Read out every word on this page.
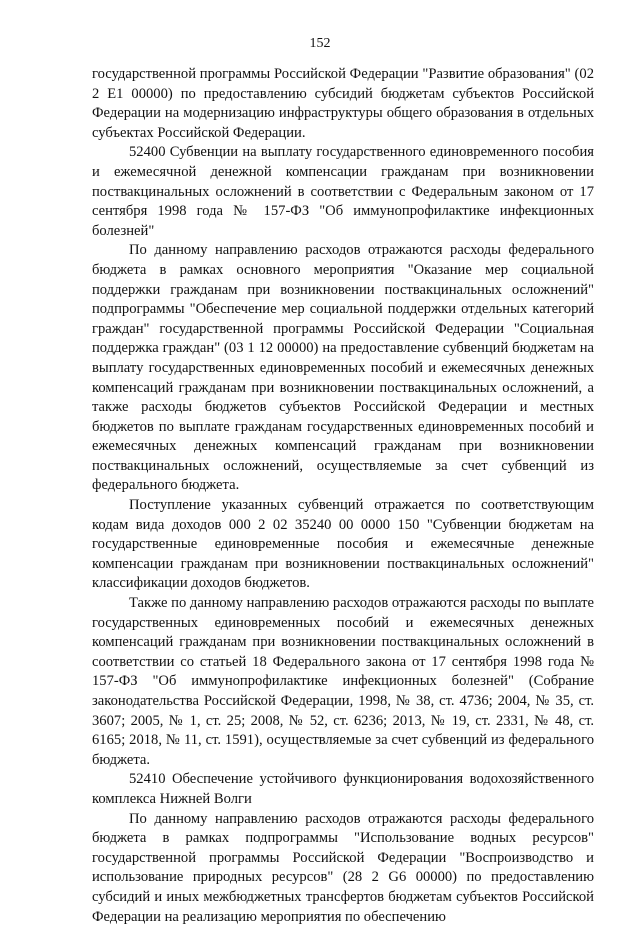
152

государственной программы Российской Федерации "Развитие образования" (02 2 E1 00000) по предоставлению субсидий бюджетам субъектов Российской Федерации на модернизацию инфраструктуры общего образования в отдельных субъектах Российской Федерации.

52400 Субвенции на выплату государственного единовременного пособия и ежемесячной денежной компенсации гражданам при возникновении поствакцинальных осложнений в соответствии с Федеральным законом от 17 сентября 1998 года № 157-ФЗ "Об иммунопрофилактике инфекционных болезней"

По данному направлению расходов отражаются расходы федерального бюджета в рамках основного мероприятия "Оказание мер социальной поддержки гражданам при возникновении поствакцинальных осложнений" подпрограммы "Обеспечение мер социальной поддержки отдельных категорий граждан" государственной программы Российской Федерации "Социальная поддержка граждан" (03 1 12 00000) на предоставление субвенций бюджетам на выплату государственных единовременных пособий и ежемесячных денежных компенсаций гражданам при возникновении поствакцинальных осложнений, а также расходы бюджетов субъектов Российской Федерации и местных бюджетов по выплате гражданам государственных единовременных пособий и ежемесячных денежных компенсаций гражданам при возникновении поствакцинальных осложнений, осуществляемые за счет субвенций из федерального бюджета.

Поступление указанных субвенций отражается по соответствующим кодам вида доходов 000 2 02 35240 00 0000 150 "Субвенции бюджетам на государственные единовременные пособия и ежемесячные денежные компенсации гражданам при возникновении поствакцинальных осложнений" классификации доходов бюджетов.

Также по данному направлению расходов отражаются расходы по выплате государственных единовременных пособий и ежемесячных денежных компенсаций гражданам при возникновении поствакцинальных осложнений в соответствии со статьей 18 Федерального закона от 17 сентября 1998 года № 157-ФЗ "Об иммунопрофилактике инфекционных болезней" (Собрание законодательства Российской Федерации, 1998, № 38, ст. 4736; 2004, № 35, ст. 3607; 2005, № 1, ст. 25; 2008, № 52, ст. 6236; 2013, № 19, ст. 2331, № 48, ст. 6165; 2018, № 11, ст. 1591), осуществляемые за счет субвенций из федерального бюджета.

52410 Обеспечение устойчивого функционирования водохозяйственного комплекса Нижней Волги

По данному направлению расходов отражаются расходы федерального бюджета в рамках подпрограммы "Использование водных ресурсов" государственной программы Российской Федерации "Воспроизводство и использование природных ресурсов" (28 2 G6 00000) по предоставлению субсидий и иных межбюджетных трансфертов бюджетам субъектов Российской Федерации на реализацию мероприятия по обеспечению
